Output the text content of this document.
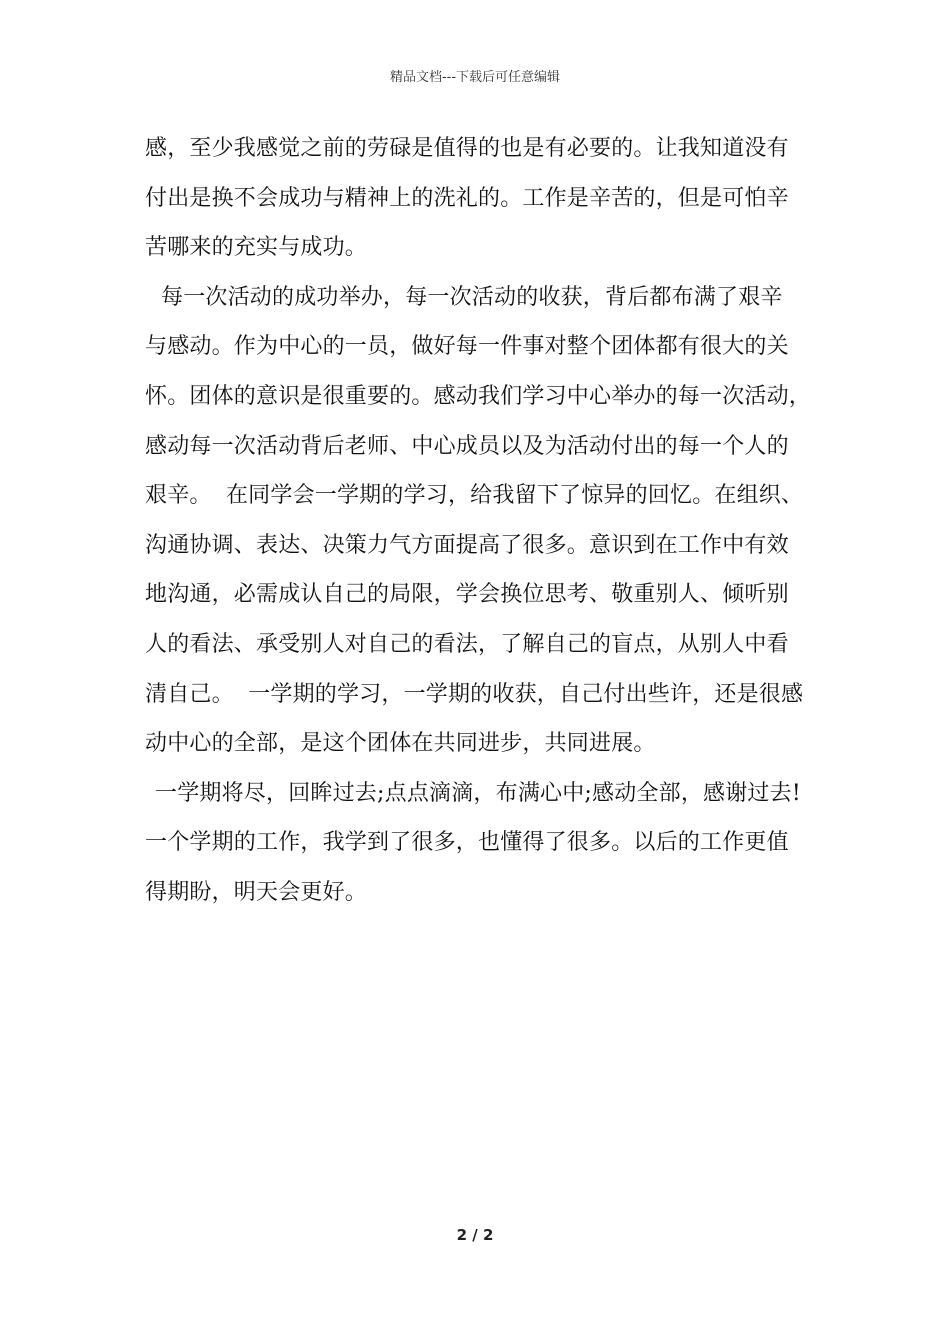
精品文档---下载后可任意编辑
感，至少我感觉之前的劳碌是值得的也是有必要的。让我知道没有
付出是换不会成功与精神上的洗礼的。工作是辛苦的，但是可怕辛
苦哪来的充实与成功。
每一次活动的成功举办，每一次活动的收获，背后都布满了艰辛
与感动。作为中心的一员，做好每一件事对整个团体都有很大的关
怀。团体的意识是很重要的。感动我们学习中心举办的每一次活动，
感动每一次活动背后老师、中心成员以及为活动付出的每一个人的
艰辛。  在同学会一学期的学习，给我留下了惊异的回忆。在组织、
沟通协调、表达、决策力气方面提高了很多。意识到在工作中有效
地沟通，必需成认自己的局限，学会换位思考、敬重别人、倾听别
人的看法、承受别人对自己的看法，了解自己的盲点，从别人中看
清自己。  一学期的学习，一学期的收获，自己付出些许，还是很感
动中心的全部，是这个团体在共同进步，共同进展。
一学期将尽，回眸过去;点点滴滴，布满心中;感动全部，感谢过去!
一个学期的工作，我学到了很多，也懂得了很多。以后的工作更值
得期盼，明天会更好。
2 / 2
